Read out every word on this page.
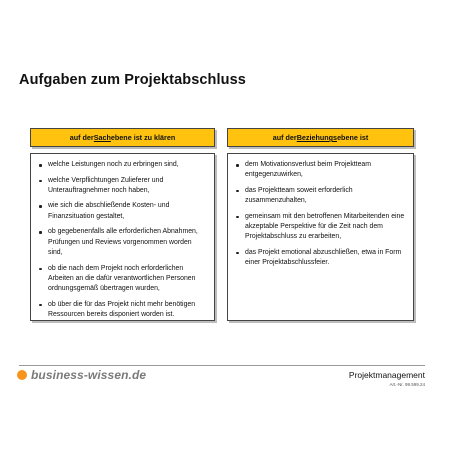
Aufgaben zum Projektabschluss
auf der Sach ebene ist zu klären	auf der Beziehungs ebene ist
welche Leistungen noch zu erbringen sind,
welche Verpflichtungen Zulieferer und Unterauftragnehmer noch haben,
wie sich die abschließende Kosten- und Finanzsituation gestaltet,
ob gegebenenfalls alle erforderlichen Abnahmen, Prüfungen und Reviews vorgenommen worden sind,
ob die nach dem Projekt noch erforderlichen Arbeiten an die dafür verantwortlichen Personen ordnungsgemäß übertragen wurden,
ob über die für das Projekt nicht mehr benötigen Ressourcen bereits disponiert worden ist.
dem Motivationsverlust beim Projektteam entgegenzuwirken,
das Projektteam soweit erforderlich zusammenzuhalten,
gemeinsam mit den betroffenen Mitarbeitenden eine akzeptable Perspektive für die Zeit nach dem Projektabschluss zu erarbeiten,
das Projekt emotional abzuschließen, etwa in Form einer Projektabschlussfeier.
business-wissen.de	Projektmanagement
Art.-Nr. 99.599.24
